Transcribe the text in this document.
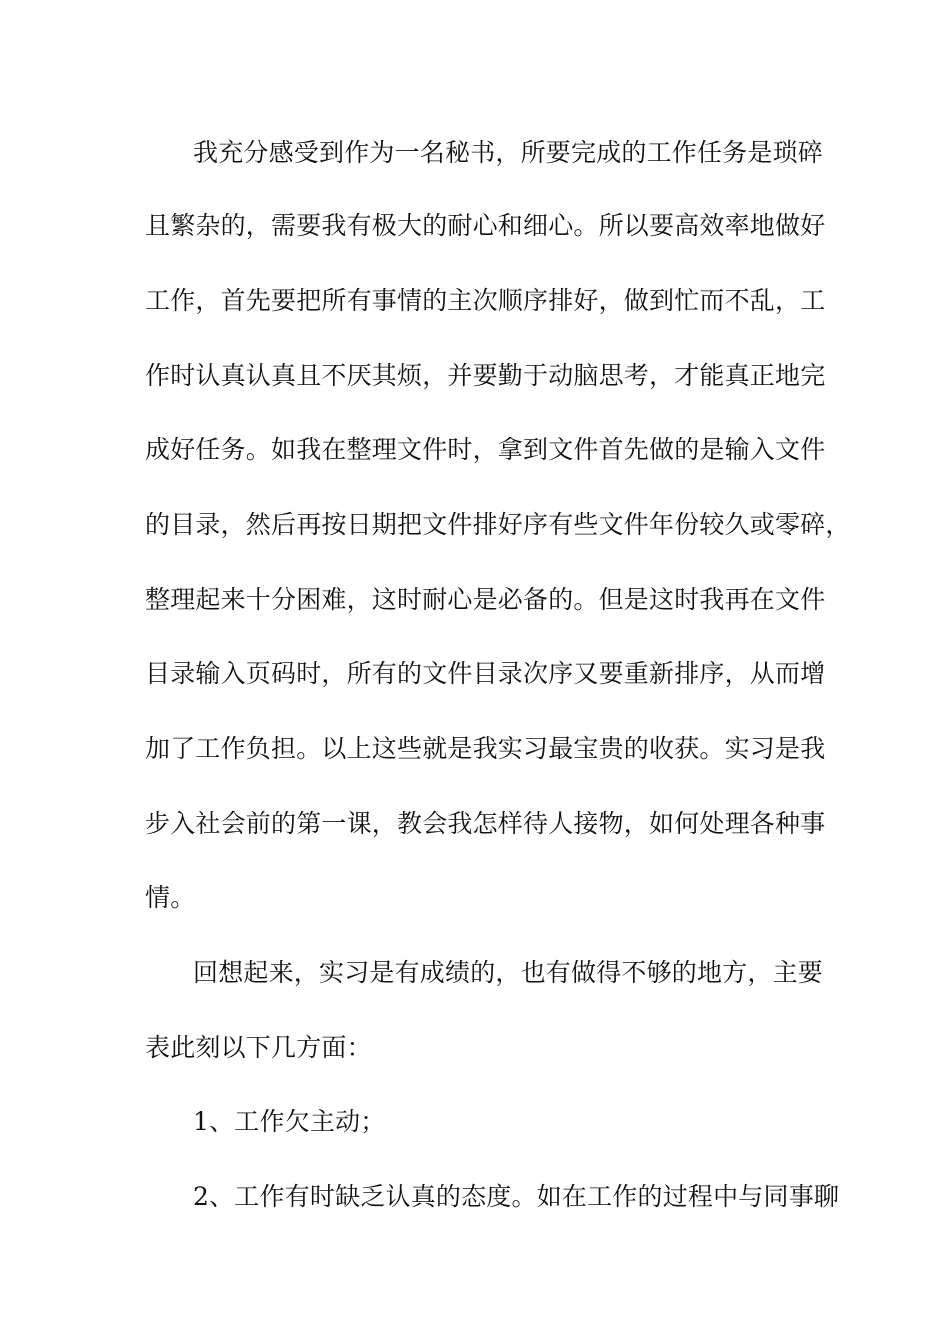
我充分感受到作为一名秘书，所要完成的工作任务是琐碎

且繁杂的，需要我有极大的耐心和细心。所以要高效率地做好

工作，首先要把所有事情的主次顺序排好，做到忙而不乱，工

作时认真认真且不厌其烦，并要勤于动脑思考，才能真正地完

成好任务。如我在整理文件时，拿到文件首先做的是输入文件

的目录，然后再按日期把文件排好序有些文件年份较久或零碎，

整理起来十分困难，这时耐心是必备的。但是这时我再在文件

目录输入页码时，所有的文件目录次序又要重新排序，从而增

加了工作负担。以上这些就是我实习最宝贵的收获。实习是我

步入社会前的第一课，教会我怎样待人接物，如何处理各种事

情。

回想起来，实习是有成绩的，也有做得不够的地方，主要

表此刻以下几方面：

1、工作欠主动；

2、工作有时缺乏认真的态度。如在工作的过程中与同事聊
